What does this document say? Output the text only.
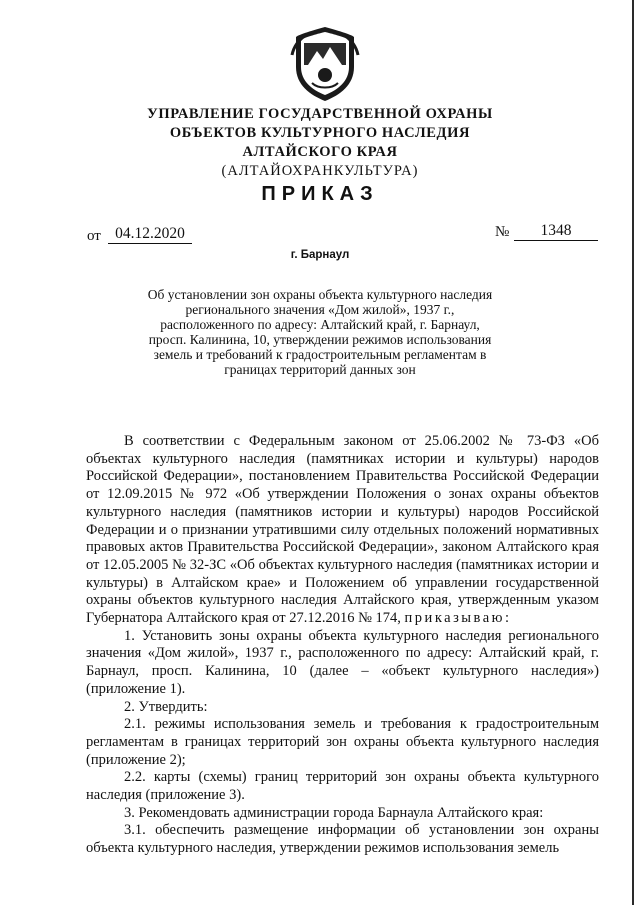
УПРАВЛЕНИЕ ГОСУДАРСТВЕННОЙ ОХРАНЫ
ОБЪЕКТОВ КУЛЬТУРНОГО НАСЛЕДИЯ
АЛТАЙСКОГО КРАЯ
(АЛТАЙОХРАНКУЛЬТУРА)
ПРИКАЗ
от 04.12.2020	№	1348
г. Барнаул
Об установлении зон охраны объекта культурного наследия
регионального значения «Дом жилой», 1937 г.,
расположенного по адресу: Алтайский край, г. Барнаул,
просп. Калинина, 10, утверждении режимов использования
земель и требований к градостроительным регламентам в
границах территорий данных зон

В соответствии с Федеральным законом от 25.06.2002 № 73-ФЗ «Об объектах культурного наследия (памятниках истории и культуры) народов Российской Федерации», постановлением Правительства Российской Федерации от 12.09.2015 № 972 «Об утверждении Положения о зонах охраны объектов культурного наследия (памятников истории и культуры) народов Российской Федерации и о признании утратившими силу отдельных положений нормативных правовых актов Правительства Российской Федерации», законом Алтайского края от 12.05.2005 № 32-ЗС «Об объектах культурного наследия (памятниках истории и культуры) в Алтайском крае» и Положением об управлении государственной охраны объектов культурного наследия Алтайского края, утвержденным указом Губернатора Алтайского края от 27.12.2016 № 174, приказываю:

1. Установить зоны охраны объекта культурного наследия регионального значения «Дом жилой», 1937 г., расположенного по адресу: Алтайский край, г. Барнаул, просп. Калинина, 10 (далее – «объект культурного наследия») (приложение 1).

2. Утвердить:

2.1. режимы использования земель и требования к градостроительным регламентам в границах территорий зон охраны объекта культурного наследия (приложение 2);

2.2. карты (схемы) границ территорий зон охраны объекта культурного наследия (приложение 3).

3. Рекомендовать администрации города Барнаула Алтайского края:

3.1. обеспечить размещение информации об установлении зон охраны объекта культурного наследия, утверждении режимов использования земель
